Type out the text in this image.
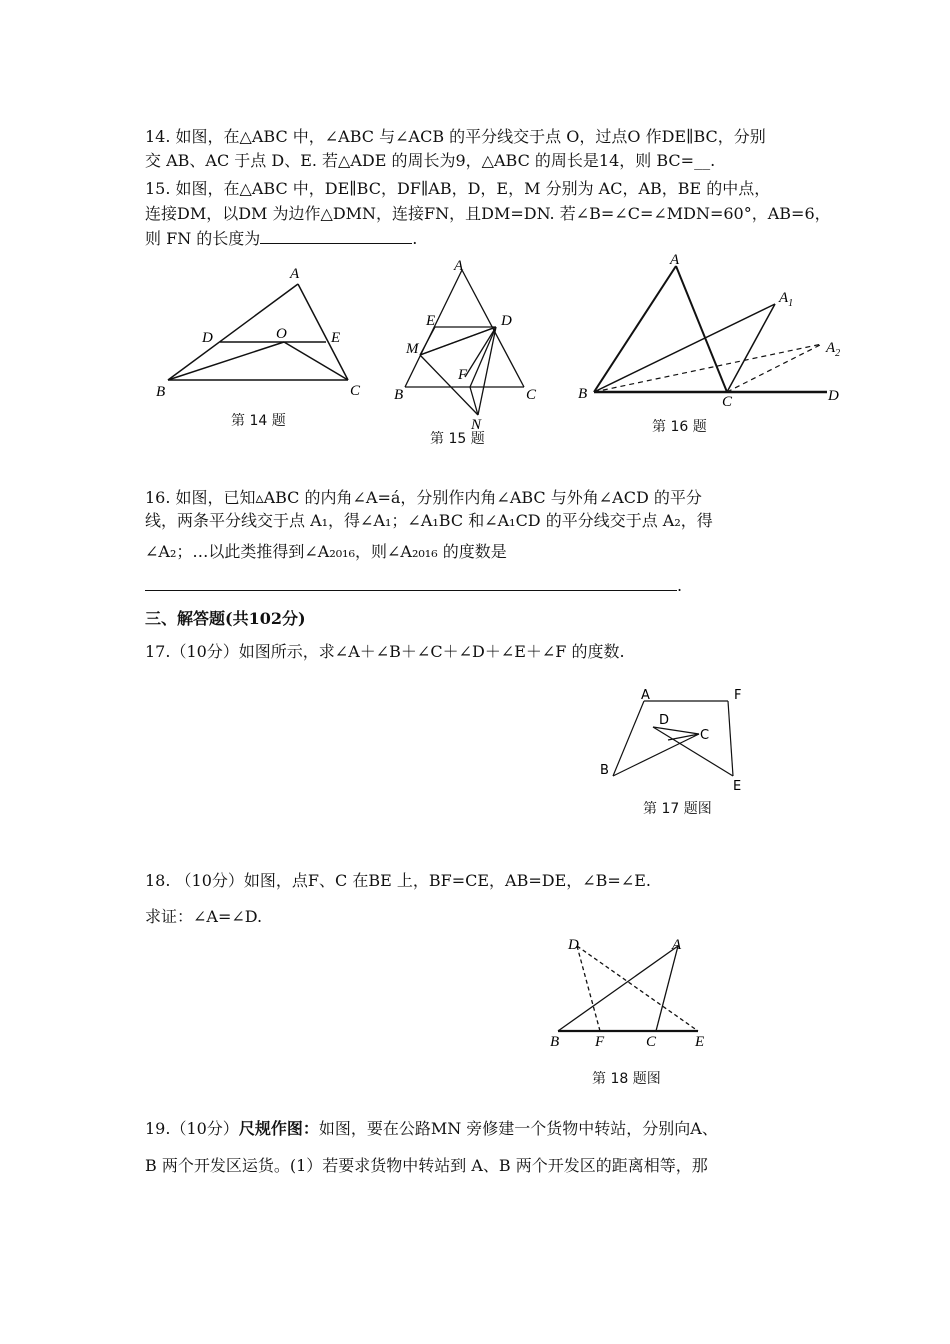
14. 如图，在△ABC 中，∠ABC 与∠ACB 的平分线交于点 O，过点O 作DE∥BC，分别
交 AB、AC 于点 D、E. 若△ADE 的周长为9，△ABC 的周长是14，则 BC=__.
15. 如图，在△ABC 中，DE∥BC，DF∥AB，D，E，M 分别为 AC，AB，BE 的中点，
连接DM，以DM 为边作△DMN，连接FN，且DM=DN. 若∠B=∠C=∠MDN=60°，AB=6，
则 FN 的长度为	.
A
B	C
D	E
O
第 14 题
A
B	C
D
E
M
F
N
第 15 题
A
$A_1$
$A_2$
B	C	D
第 16 题
16. 如图，已知▵ABC 的内角∠A=á，分别作内角∠ABC 与外角∠ACD 的平分
线，两条平分线交于点 A₁，得∠A₁；∠A₁BC 和∠A₁CD 的平分线交于点 A₂，得
∠A₂；…以此类推得到∠A₂₀₁₆，则∠A₂₀₁₆ 的度数是
.
三、解答题(共102分)
17.（10分）如图所示，求∠A＋∠B＋∠C＋∠D＋∠E＋∠F 的度数.
A	F
D
C
B
E
第 17 题图
18. （10分）如图，点F、C 在BE 上，BF=CE，AB=DE，∠B=∠E.
求证：∠A=∠D.
D	A
B F	C	E
第 18 题图
19.（10分）尺规作图：如图，要在公路MN 旁修建一个货物中转站，分别向A、
B 两个开发区运货。(1）若要求货物中转站到 A、B 两个开发区的距离相等，那
